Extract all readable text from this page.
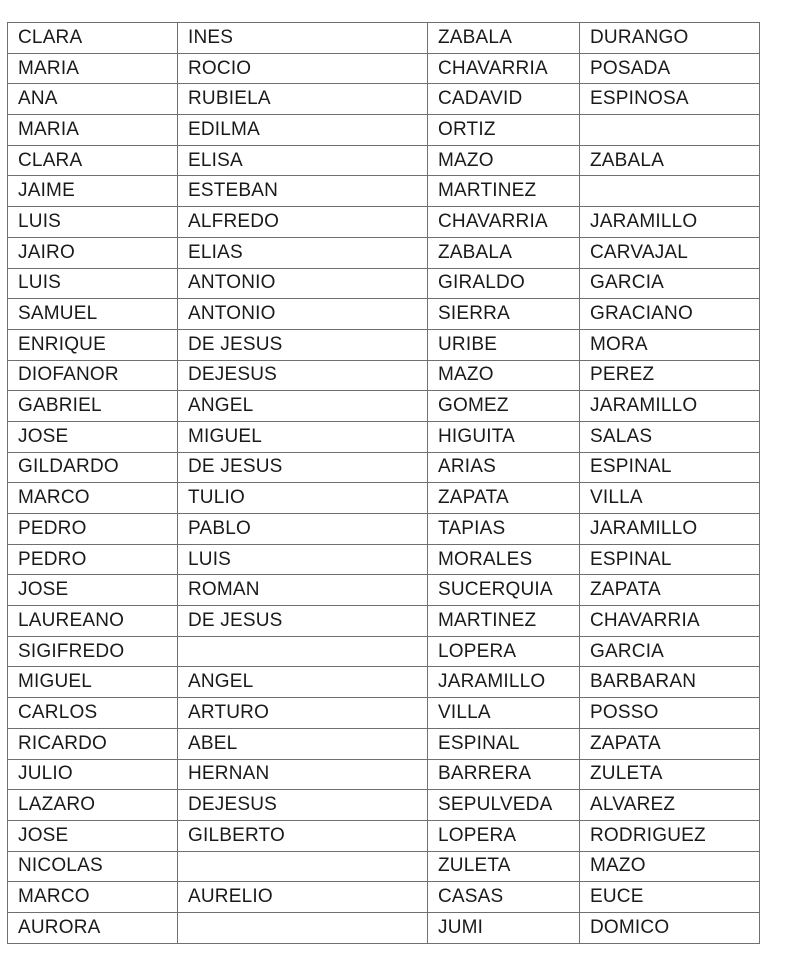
CLARA	INES	ZABALA	DURANGO
MARIA	ROCIO	CHAVARRIA	POSADA
ANA	RUBIELA	CADAVID	ESPINOSA
MARIA	EDILMA	ORTIZ	
CLARA	ELISA	MAZO	ZABALA
JAIME	ESTEBAN	MARTINEZ	
LUIS	ALFREDO	CHAVARRIA	JARAMILLO
JAIRO	ELIAS	ZABALA	CARVAJAL
LUIS	ANTONIO	GIRALDO	GARCIA
SAMUEL	ANTONIO	SIERRA	GRACIANO
ENRIQUE	DE JESUS	URIBE	MORA
DIOFANOR	DEJESUS	MAZO	PEREZ
GABRIEL	ANGEL	GOMEZ	JARAMILLO
JOSE	MIGUEL	HIGUITA	SALAS
GILDARDO	DE JESUS	ARIAS	ESPINAL
MARCO	TULIO	ZAPATA	VILLA
PEDRO	PABLO	TAPIAS	JARAMILLO
PEDRO	LUIS	MORALES	ESPINAL
JOSE	ROMAN	SUCERQUIA	ZAPATA
LAUREANO	DE JESUS	MARTINEZ	CHAVARRIA
SIGIFREDO		LOPERA	GARCIA
MIGUEL	ANGEL	JARAMILLO	BARBARAN
CARLOS	ARTURO	VILLA	POSSO
RICARDO	ABEL	ESPINAL	ZAPATA
JULIO	HERNAN	BARRERA	ZULETA
LAZARO	DEJESUS	SEPULVEDA	ALVAREZ
JOSE	GILBERTO	LOPERA	RODRIGUEZ
NICOLAS		ZULETA	MAZO
MARCO	AURELIO	CASAS	EUCE
AURORA		JUMI	DOMICO
